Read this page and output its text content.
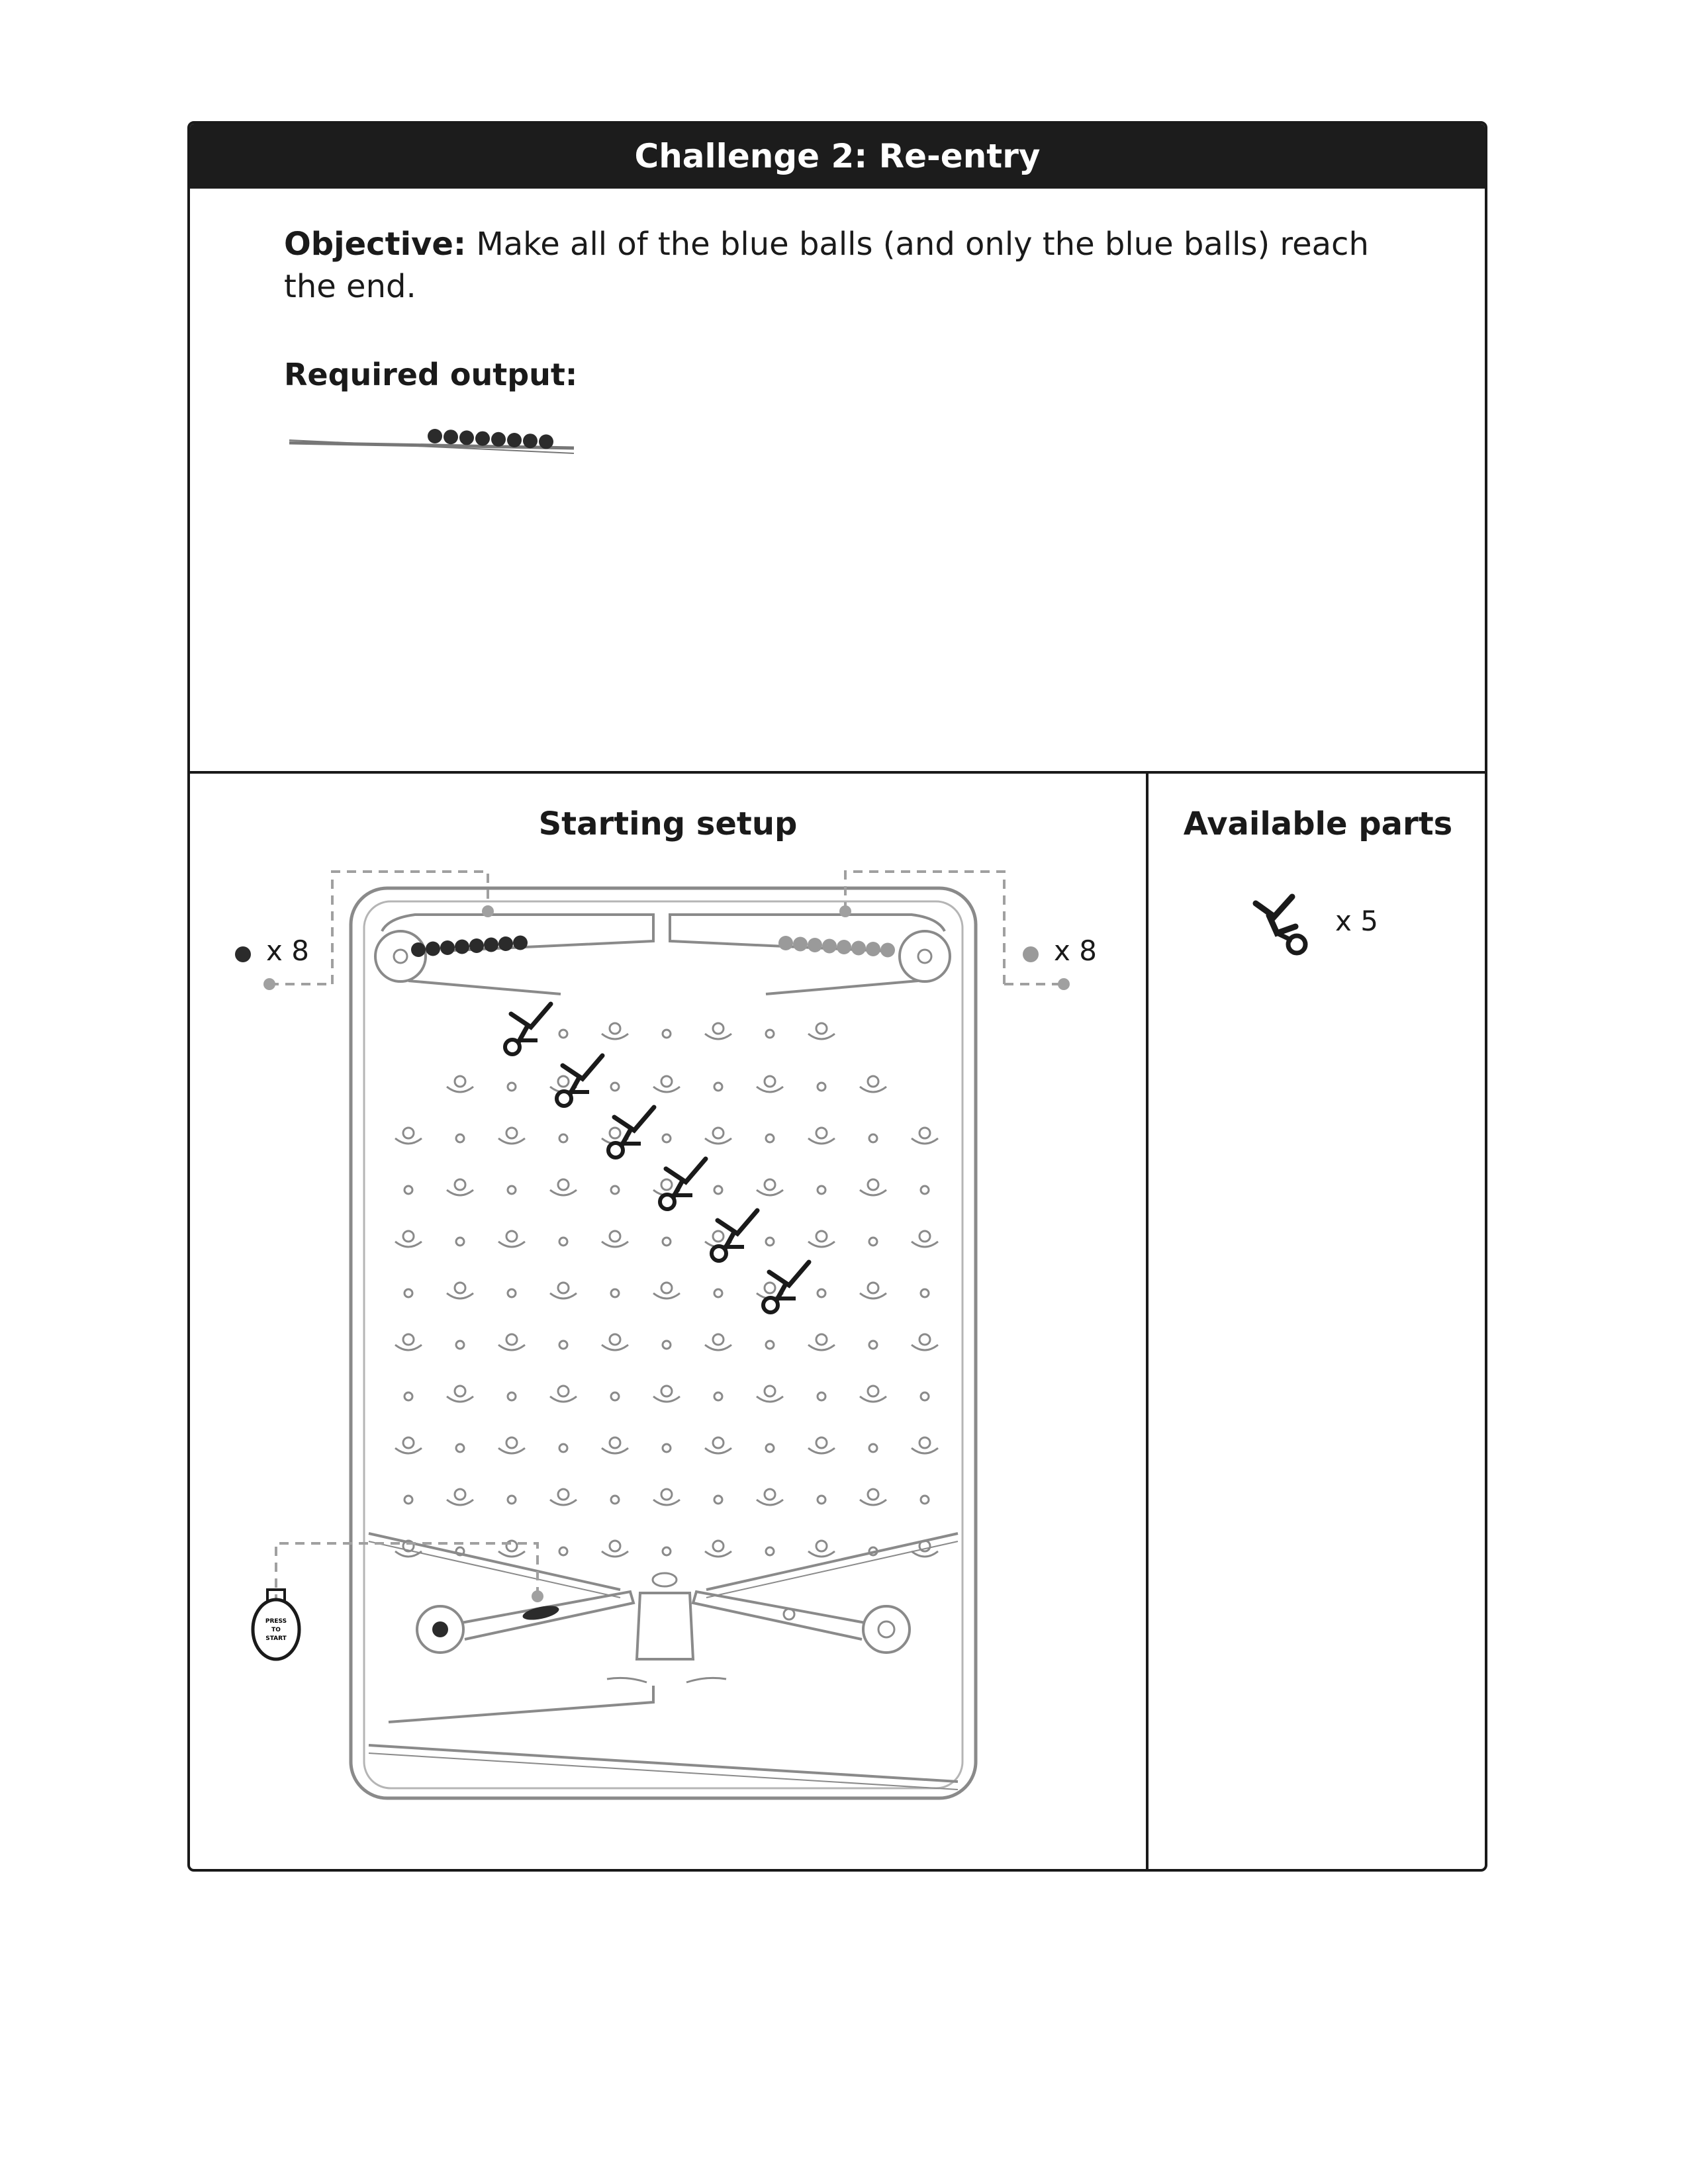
Challenge 2: Re-entry
Objective: Make all of the blue balls (and only the blue balls) reach the end.
Required output:
Starting setup	Available parts
PRESS
TO
START
x 8	x 8
x 5
